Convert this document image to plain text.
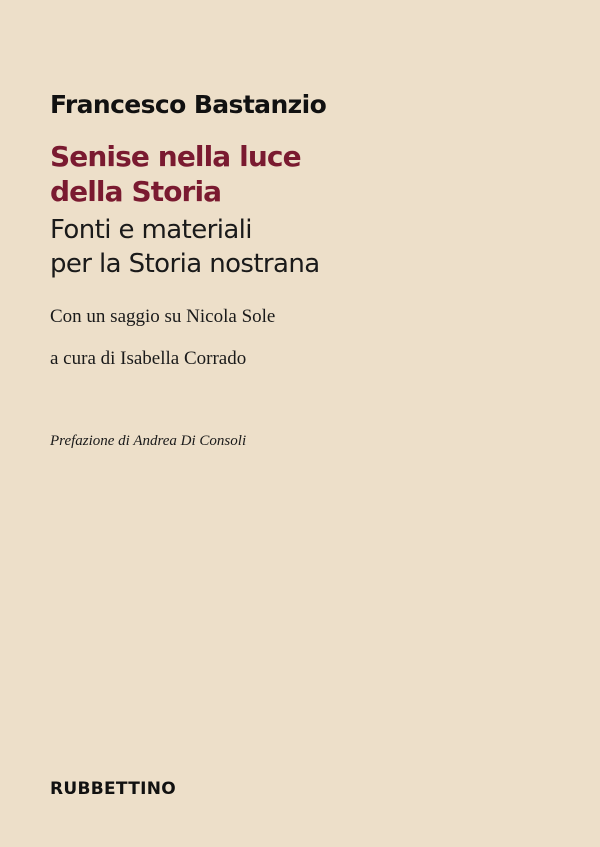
Francesco Bastanzio
Senise nella luce
della Storia
Fonti e materiali
per la Storia nostrana
Con un saggio su Nicola Sole
a cura di Isabella Corrado
Prefazione di Andrea Di Consoli
RUBBETTINO
